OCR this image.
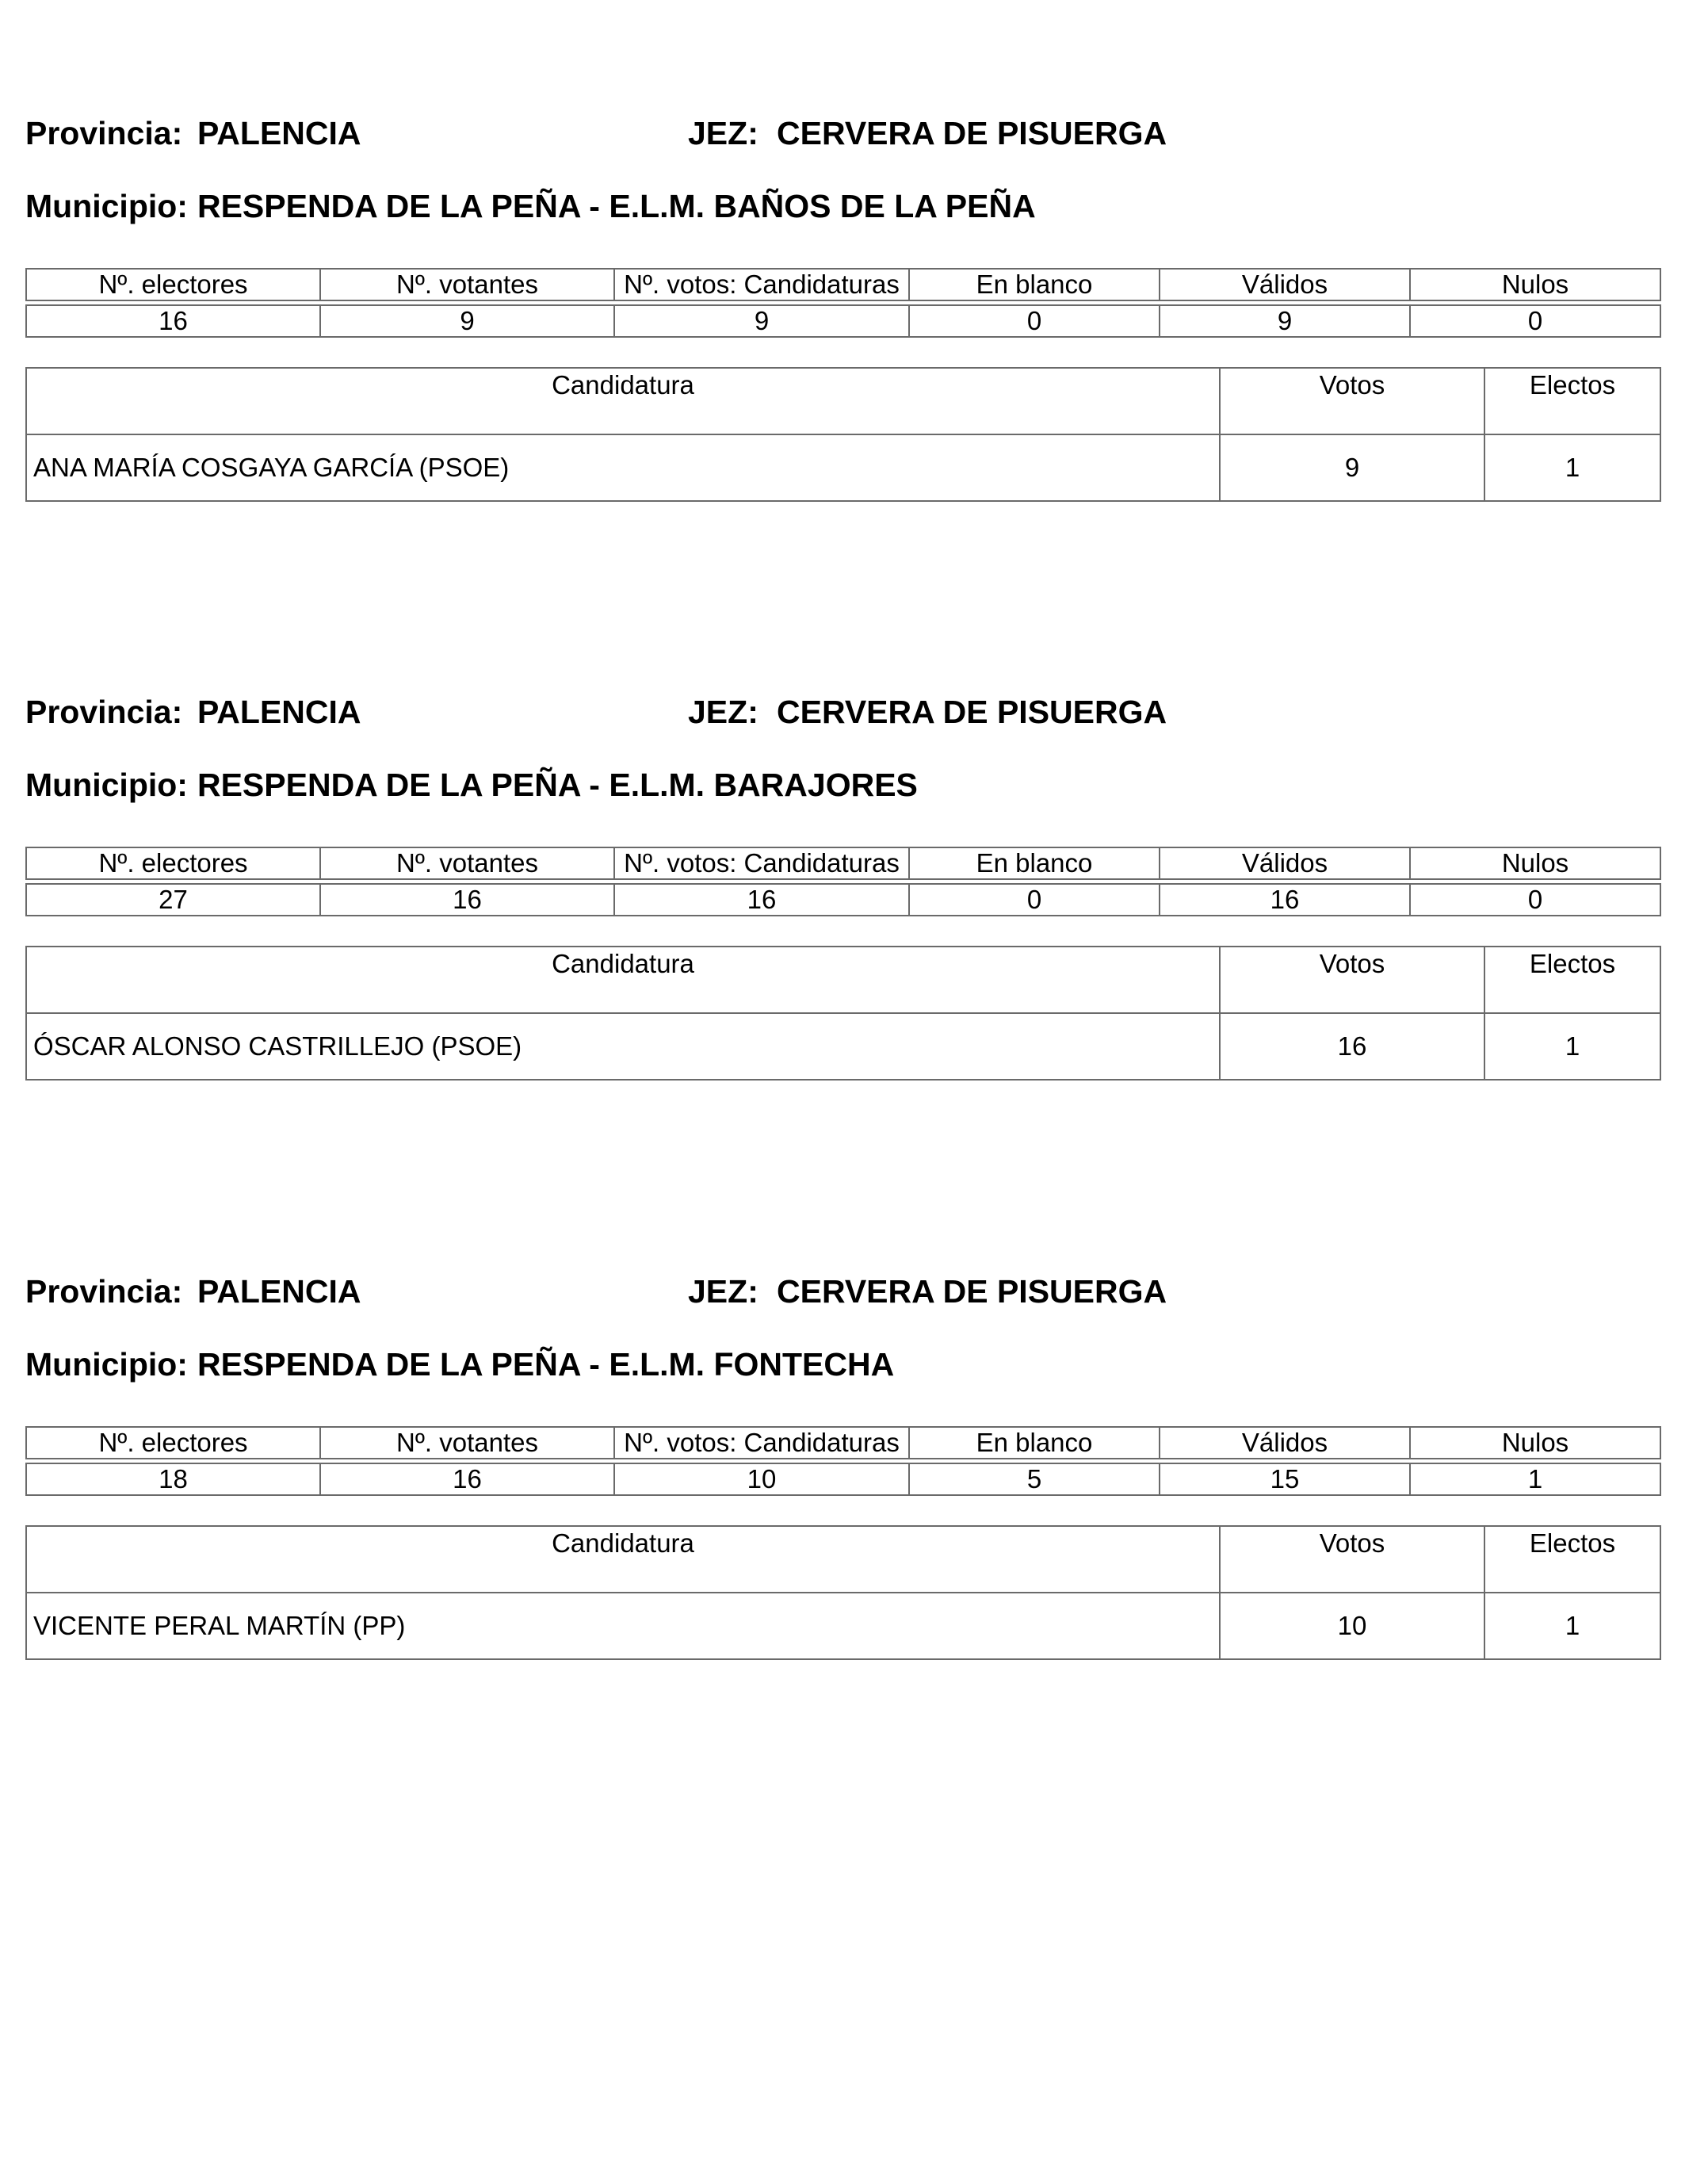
Provincia: PALENCIA	JEZ: CERVERA DE PISUERGA
Municipio: RESPENDA DE LA PEÑA - E.L.M. BAÑOS DE LA PEÑA
Nº. electores	Nº. votantes	Nº. votos: Candidaturas	En blanco	Válidos	Nulos

16	9	9	0	9	0
Candidatura	Votos	Electos
ANA MARÍA COSGAYA GARCÍA (PSOE)	9	1
Provincia: PALENCIA	JEZ: CERVERA DE PISUERGA
Municipio: RESPENDA DE LA PEÑA - E.L.M. BARAJORES
Nº. electores	Nº. votantes	Nº. votos: Candidaturas	En blanco	Válidos	Nulos

27	16	16	0	16	0
Candidatura	Votos	Electos
ÓSCAR ALONSO CASTRILLEJO (PSOE)	16	1
Provincia: PALENCIA	JEZ: CERVERA DE PISUERGA
Municipio: RESPENDA DE LA PEÑA - E.L.M. FONTECHA
Nº. electores	Nº. votantes	Nº. votos: Candidaturas	En blanco	Válidos	Nulos

18	16	10	5	15	1
Candidatura	Votos	Electos
VICENTE PERAL MARTÍN (PP)	10	1
